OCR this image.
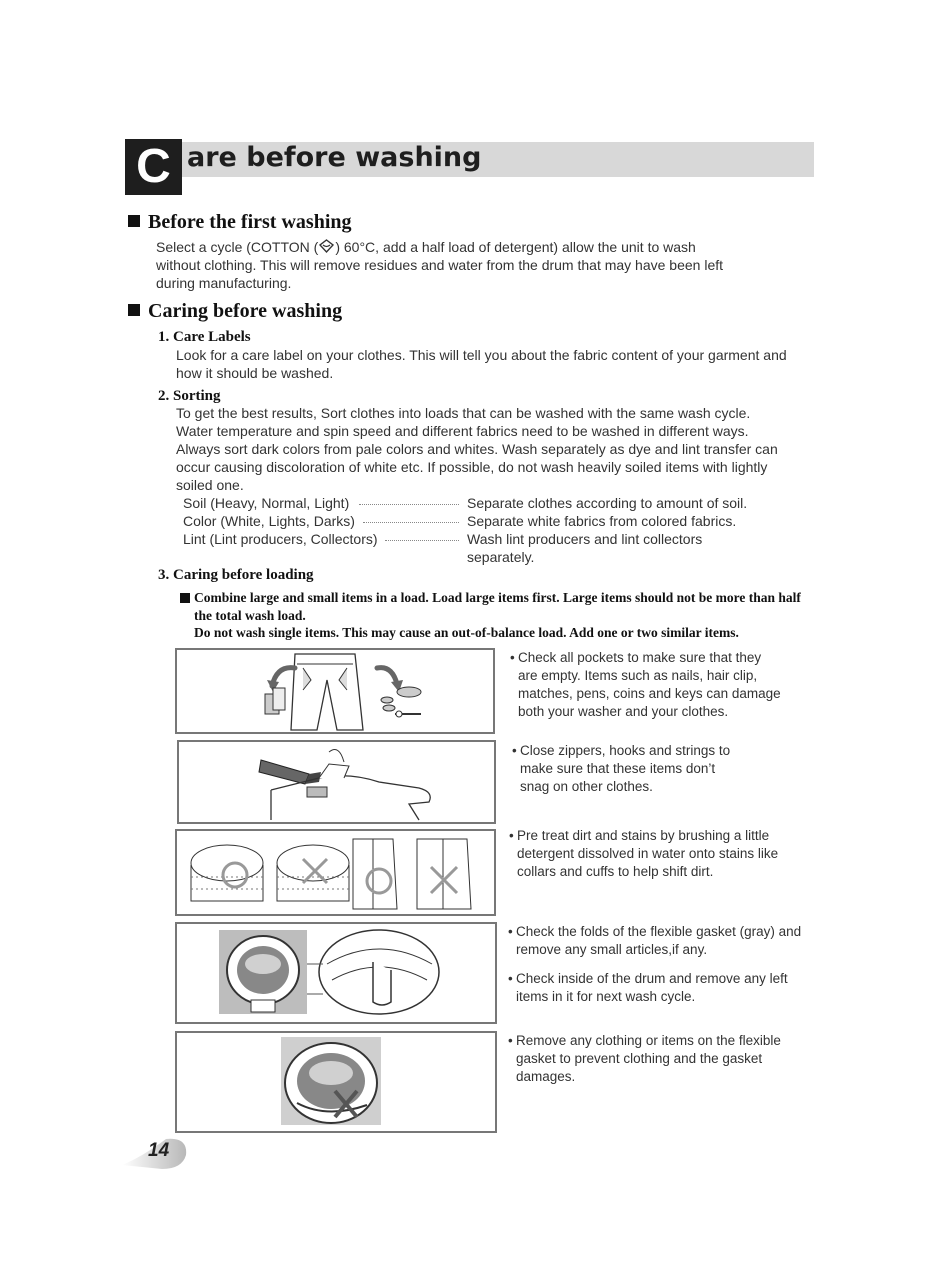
C are before washing
Before the first washing
Select a cycle (COTTON ( ) 60°C, add a half load of detergent) allow the unit to wash
without clothing. This will remove residues and water from the drum that may have been left
during manufacturing.
Caring before washing
1. Care Labels
Look for a care label on your clothes. This will tell you about the fabric content of your garment and
how it should be washed.
2. Sorting
To get the best results, Sort clothes into loads that can be washed with the same wash cycle.
Water temperature and spin speed and different fabrics need to be washed in different ways.
Always sort dark colors from pale colors and whites. Wash separately as dye and lint transfer can
occur causing discoloration of white etc. If possible, do not wash heavily soiled items with lightly
soiled one.
Soil (Heavy, Normal, Light)	Separate clothes according to amount of soil.
Color (White, Lights, Darks)	Separate white fabrics from colored fabrics.
Lint (Lint producers, Collectors)	Wash lint producers and lint collectors
separately.
3. Caring before loading
Combine large and small items in a load. Load large items first. Large items should not be more than half
the total wash load.
Do not wash single items. This may cause an out-of-balance load. Add one or two similar items.
• Check all pockets to make sure that they
are empty. Items such as nails, hair clip,
matches, pens, coins and keys can damage
both your washer and your clothes.
• Close zippers, hooks and strings to
make sure that these items don’t
snag on other clothes.
• Pre treat dirt and stains by brushing a little
detergent dissolved in water onto stains like
collars and cuffs to help shift dirt.
• Check the folds of the flexible gasket (gray) and
remove any small articles,if any.
• Check inside of the drum and remove any left
items in it for next wash cycle.
• Remove any clothing or items on the flexible
gasket to prevent clothing and the gasket
damages.
14
